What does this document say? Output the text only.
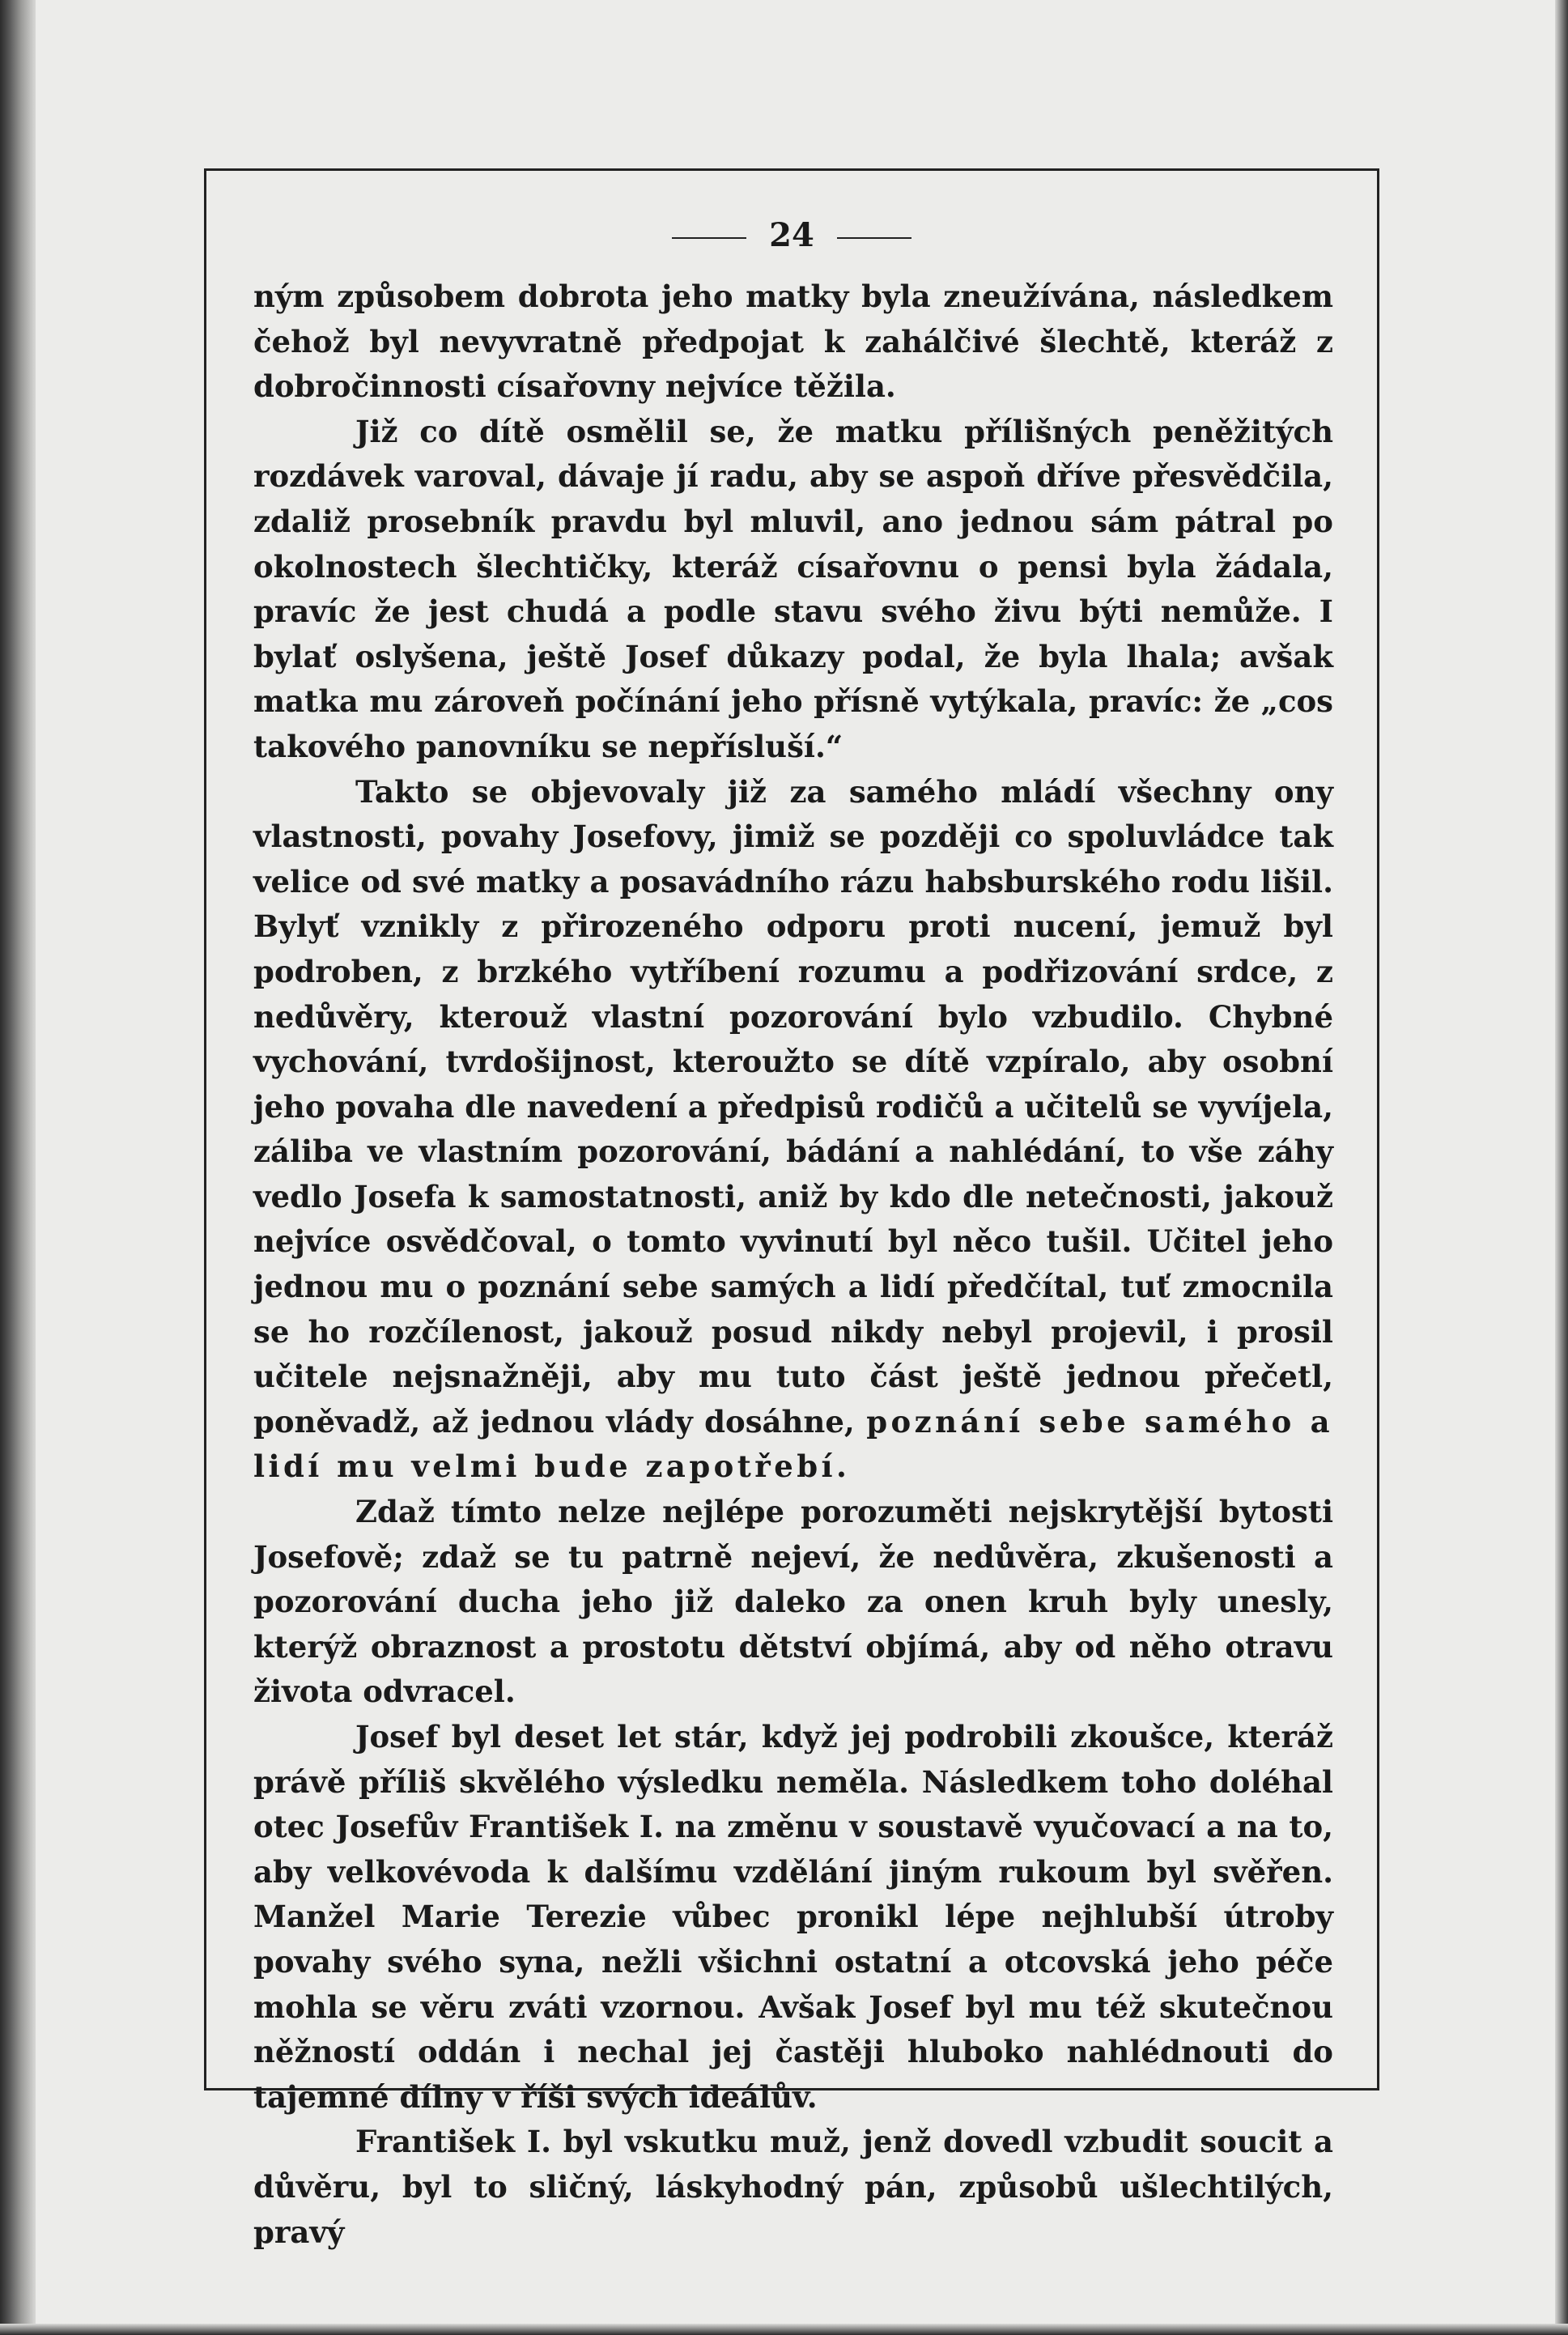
24

ným způsobem dobrota jeho matky byla zneužívána, následkem čehož byl nevyvratně předpojat k zahálčivé šlechtě, kteráž z dobročinnosti císařovny nejvíce těžila.

Již co dítě osmělil se, že matku přílišných peněžitých rozdávek varoval, dávaje jí radu, aby se aspoň dříve přesvědčila, zdaliž prosebník pravdu byl mluvil, ano jednou sám pátral po okolnostech šlechtičky, kteráž císařovnu o pensi byla žádala, pravíc že jest chudá a podle stavu svého živu býti nemůže. I bylať oslyšena, ještě Josef důkazy podal, že byla lhala; avšak matka mu zároveň počínání jeho přísně vytýkala, pravíc: že „cos takového panovníku se nepřísluší.“

Takto se objevovaly již za samého mládí všechny ony vlastnosti, povahy Josefovy, jimiž se později co spoluvládce tak velice od své matky a posavádního rázu habsburského rodu lišil. Bylyť vznikly z přirozeného odporu proti nucení, jemuž byl podroben, z brzkého vytříbení rozumu a podřizování srdce, z nedůvěry, kterouž vlastní pozorování bylo vzbudilo. Chybné vychování, tvrdošijnost, kteroužto se dítě vzpíralo, aby osobní jeho povaha dle navedení a předpisů rodičů a učitelů se vyvíjela, záliba ve vlastním pozorování, bádání a nahlédání, to vše záhy vedlo Josefa k samostatnosti, aniž by kdo dle netečnosti, jakouž nejvíce osvědčoval, o tomto vyvinutí byl něco tušil. Učitel jeho jednou mu o poznání sebe samých a lidí předčítal, tuť zmocnila se ho rozčílenost, jakouž posud nikdy nebyl projevil, i prosil učitele nejsnažněji, aby mu tuto část ještě jednou přečetl, poněvadž, až jednou vlády dosáhne, poznání sebe samého a lidí mu velmi bude zapotřebí.

Zdaž tímto nelze nejlépe porozuměti nejskrytější bytosti Josefově; zdaž se tu patrně nejeví, že nedůvěra, zkušenosti a pozorování ducha jeho již daleko za onen kruh byly unesly, kterýž obraznost a prostotu dětství objímá, aby od něho otravu života odvracel.

Josef byl deset let stár, když jej podrobili zkoušce, kteráž právě příliš skvělého výsledku neměla. Následkem toho doléhal otec Josefův František I. na změnu v soustavě vyučovací a na to, aby velkovévoda k dalšímu vzdělání jiným rukoum byl svěřen. Manžel Marie Terezie vůbec pronikl lépe nejhlubší útroby povahy svého syna, nežli všichni ostatní a otcovská jeho péče mohla se věru zváti vzornou. Avšak Josef byl mu též skutečnou něžností oddán i nechal jej častěji hluboko nahlédnouti do tajemné dílny v říši svých ideálův.

František I. byl vskutku muž, jenž dovedl vzbudit soucit a důvěru, byl to sličný, láskyhodný pán, způsobů ušlechtilých, pravý
